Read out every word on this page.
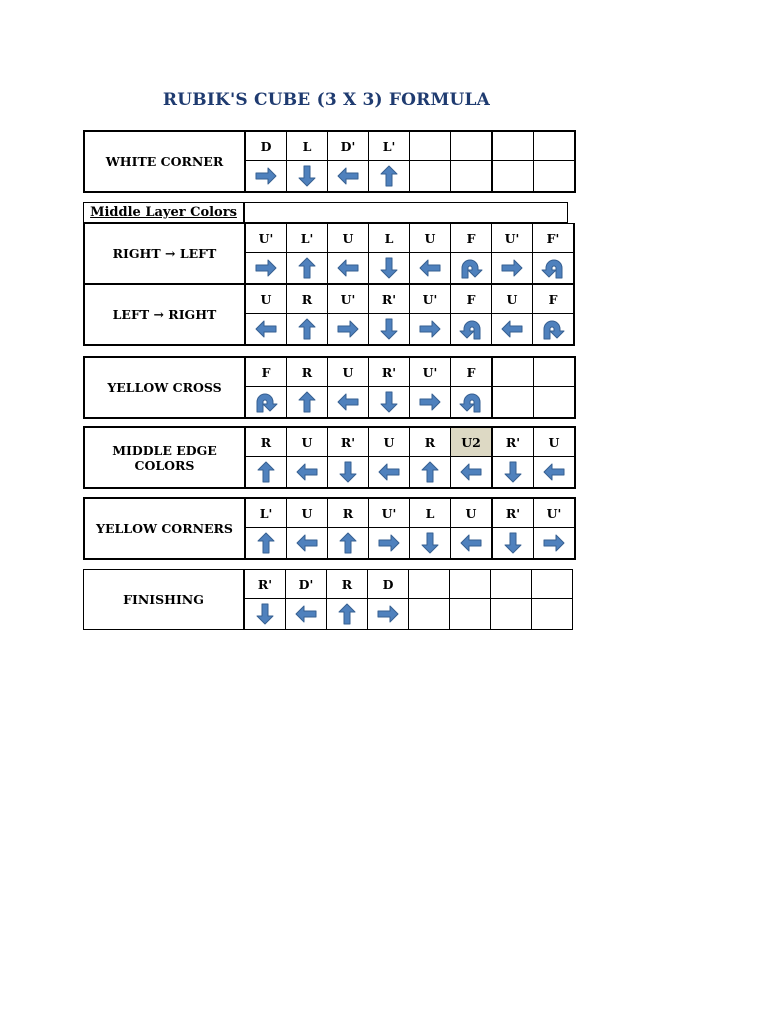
RUBIK'S CUBE (3 X 3) FORMULA
WHITE CORNER	D	L	D'	L'				

Middle Layer Colors	
RIGHT → LEFT	U'	L'	U	L	U	F	U'	F'

LEFT → RIGHT	U	R	U'	R'	U'	F	U	F

YELLOW CROSS	F	R	U	R'	U'	F		

MIDDLE EDGE COLORS	R	U	R'	U	R	U2	R'	U

YELLOW CORNERS	L'	U	R	U'	L	U	R'	U'

FINISHING	R'	D'	R	D				
